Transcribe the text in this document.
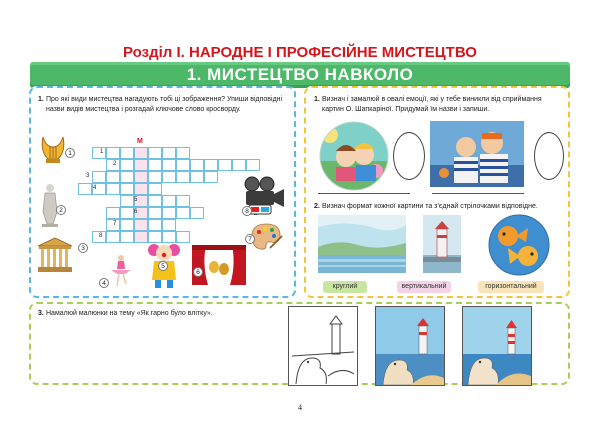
Розділ І. НАРОДНЕ І ПРОФЕСІЙНЕ МИСТЕЦТВО
1. МИСТЕЦТВО НАВКОЛО
1. Про які види мистецтва нагадують тобі ці зображення? Упиши відповідні назви видів мистецтва і розгадай ключове слово кросворду.
М
1
2
3
4
5
6
7
8
1
2
3
4
5
6
8
7
1. Визнач і замалюй в овалі емоції, які у тебе виникли від сприймання картин О. Шапкаріної. Придумай їм назви і запиши.
2. Визнач формат кожної картини та з’єднай стрілочками відповідне.
круглий	вертикальний	горизонтальний
3. Намалюй малюнки на тему «Як гарно було влітку».
4
